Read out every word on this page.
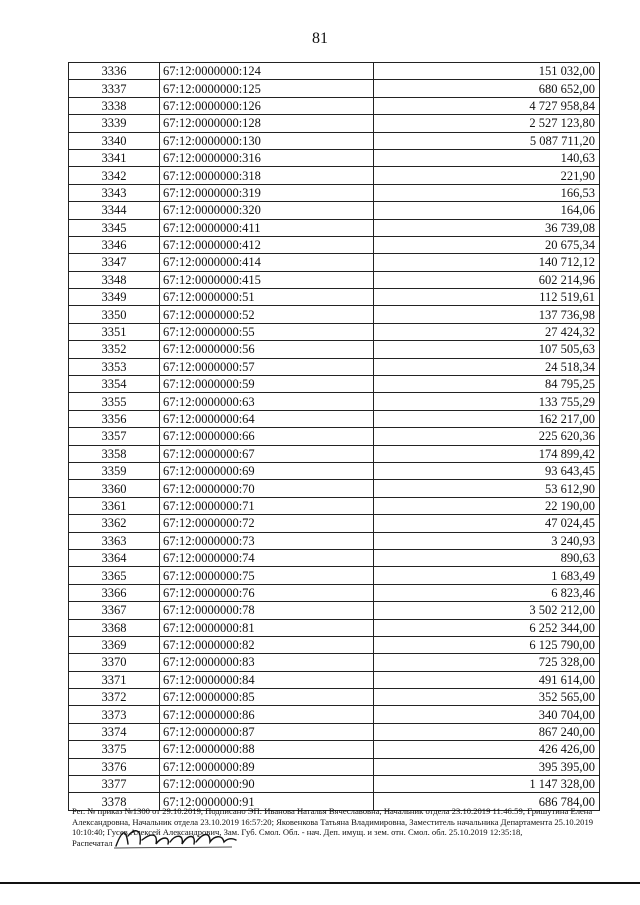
81
3336	67:12:0000000:124	151 032,00
3337	67:12:0000000:125	680 652,00
3338	67:12:0000000:126	4 727 958,84
3339	67:12:0000000:128	2 527 123,80
3340	67:12:0000000:130	5 087 711,20
3341	67:12:0000000:316	140,63
3342	67:12:0000000:318	221,90
3343	67:12:0000000:319	166,53
3344	67:12:0000000:320	164,06
3345	67:12:0000000:411	36 739,08
3346	67:12:0000000:412	20 675,34
3347	67:12:0000000:414	140 712,12
3348	67:12:0000000:415	602 214,96
3349	67:12:0000000:51	112 519,61
3350	67:12:0000000:52	137 736,98
3351	67:12:0000000:55	27 424,32
3352	67:12:0000000:56	107 505,63
3353	67:12:0000000:57	24 518,34
3354	67:12:0000000:59	84 795,25
3355	67:12:0000000:63	133 755,29
3356	67:12:0000000:64	162 217,00
3357	67:12:0000000:66	225 620,36
3358	67:12:0000000:67	174 899,42
3359	67:12:0000000:69	93 643,45
3360	67:12:0000000:70	53 612,90
3361	67:12:0000000:71	22 190,00
3362	67:12:0000000:72	47 024,45
3363	67:12:0000000:73	3 240,93
3364	67:12:0000000:74	890,63
3365	67:12:0000000:75	1 683,49
3366	67:12:0000000:76	6 823,46
3367	67:12:0000000:78	3 502 212,00
3368	67:12:0000000:81	6 252 344,00
3369	67:12:0000000:82	6 125 790,00
3370	67:12:0000000:83	725 328,00
3371	67:12:0000000:84	491 614,00
3372	67:12:0000000:85	352 565,00
3373	67:12:0000000:86	340 704,00
3374	67:12:0000000:87	867 240,00
3375	67:12:0000000:88	426 426,00
3376	67:12:0000000:89	395 395,00
3377	67:12:0000000:90	1 147 328,00
3378	67:12:0000000:91	686 784,00
Рег. № приказ №1300 от 29.10.2019, Подписано ЭП: Иванова Наталья Вячеславовна, Начальник отдела 23.10.2019 11:46:59; Гришутина Елена
Александровна, Начальник отдела 23.10.2019 16:57:20; Яковенкова Татьяна Владимировна, Заместитель начальника Департамента 25.10.2019
10:10:40; Гусев Алексей Александрович, Зам. Губ. Смол. Обл. - нач. Деп. имущ. и зем. отн. Смол. обл. 25.10.2019 12:35:18,
Распечатал
